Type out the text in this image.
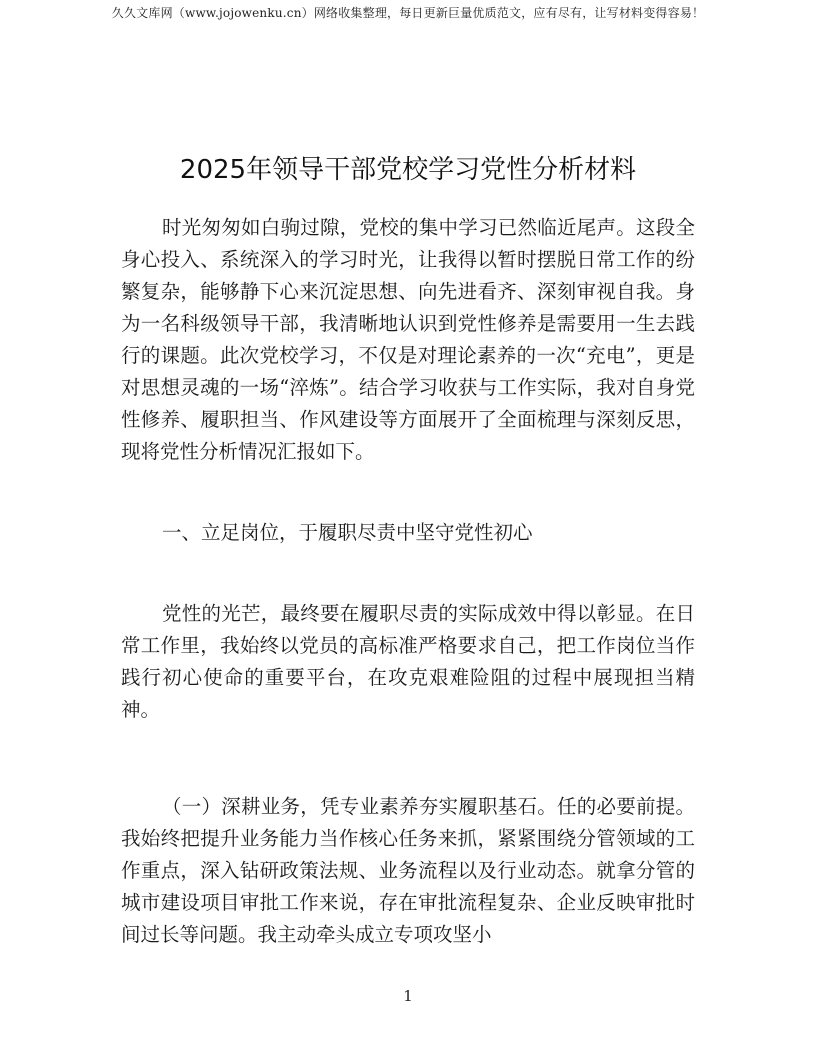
久久文库网（www.jojowenku.cn）网络收集整理，每日更新巨量优质范文，应有尽有，让写材料变得容易！
2025年领导干部党校学习党性分析材料

时光匆匆如白驹过隙，党校的集中学习已然临近尾声。这段全身心投入、系统深入的学习时光，让我得以暂时摆脱日常工作的纷繁复杂，能够静下心来沉淀思想、向先进看齐、深刻审视自我。身为一名科级领导干部，我清晰地认识到党性修养是需要用一生去践行的课题。此次党校学习，不仅是对理论素养的一次“充电”，更是对思想灵魂的一场“淬炼”。结合学习收获与工作实际，我对自身党性修养、履职担当、作风建设等方面展开了全面梳理与深刻反思，现将党性分析情况汇报如下。

一、立足岗位，于履职尽责中坚守党性初心

党性的光芒，最终要在履职尽责的实际成效中得以彰显。在日常工作里，我始终以党员的高标准严格要求自己，把工作岗位当作践行初心使命的重要平台，在攻克艰难险阻的过程中展现担当精神。

（一）深耕业务，凭专业素养夯实履职基石。任的必要前提。我始终把提升业务能力当作核心任务来抓，紧紧围绕分管领域的工作重点，深入钻研政策法规、业务流程以及行业动态。就拿分管的城市建设项目审批工作来说，存在审批流程复杂、企业反映审批时间过长等问题。我主动牵头成立专项攻坚小

1
